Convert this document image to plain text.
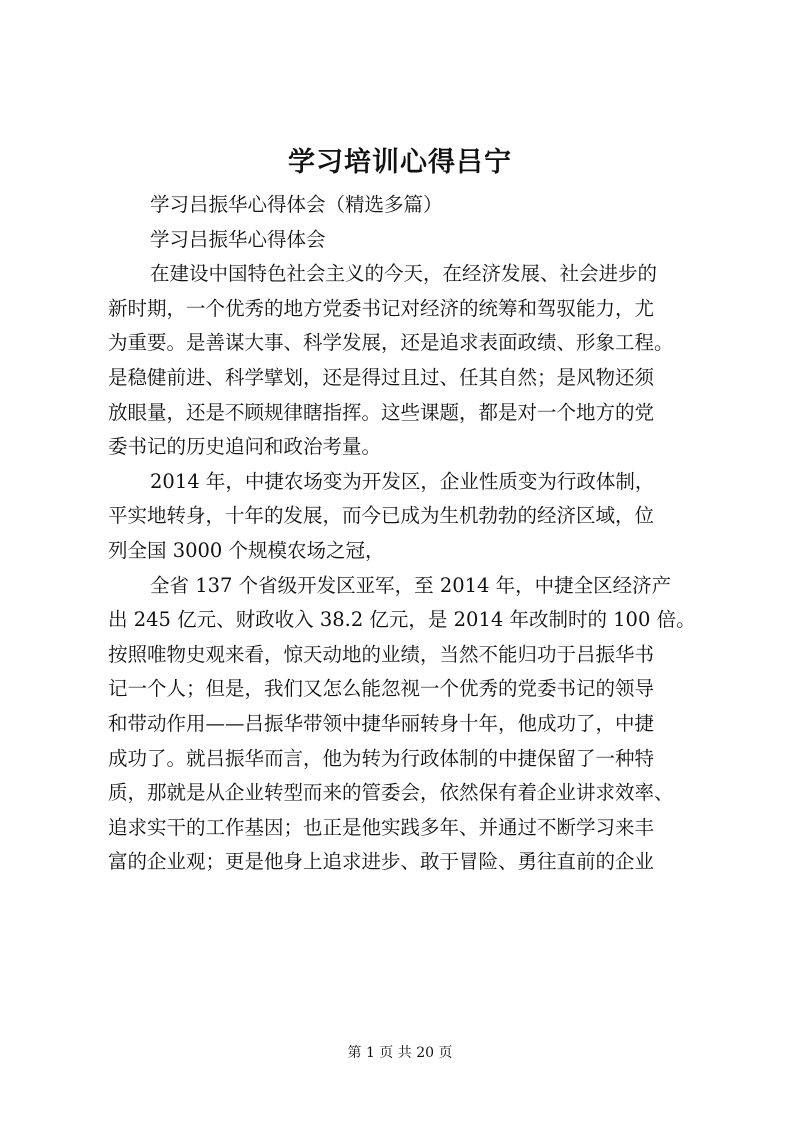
学习培训心得吕宁
学习吕振华心得体会（精选多篇）
学习吕振华心得体会
在建设中国特色社会主义的今天，在经济发展、社会进步的
新时期，一个优秀的地方党委书记对经济的统筹和驾驭能力，尤
为重要。是善谋大事、科学发展，还是追求表面政绩、形象工程。
是稳健前进、科学擘划，还是得过且过、任其自然；是风物还须
放眼量，还是不顾规律瞎指挥。这些课题，都是对一个地方的党
委书记的历史追问和政治考量。
2014 年，中捷农场变为开发区，企业性质变为行政体制，
平实地转身，十年的发展，而今已成为生机勃勃的经济区域，位
列全国 3000 个规模农场之冠，
全省 137 个省级开发区亚军，至 2014 年，中捷全区经济产
出 245 亿元、财政收入 38.2 亿元，是 2014 年改制时的 100 倍。
按照唯物史观来看，惊天动地的业绩，当然不能归功于吕振华书
记一个人；但是，我们又怎么能忽视一个优秀的党委书记的领导
和带动作用——吕振华带领中捷华丽转身十年，他成功了，中捷
成功了。就吕振华而言，他为转为行政体制的中捷保留了一种特
质，那就是从企业转型而来的管委会，依然保有着企业讲求效率、
追求实干的工作基因；也正是他实践多年、并通过不断学习来丰
富的企业观；更是他身上追求进步、敢于冒险、勇往直前的企业
第 1 页 共 20 页
